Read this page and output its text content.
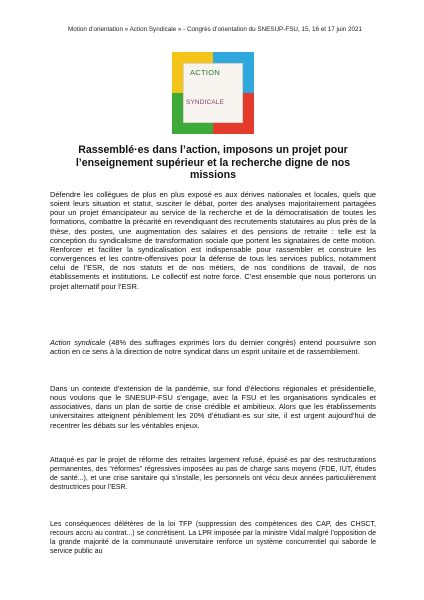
Motion d’orientation « Action Syndicale » - Congrès d’orientation du SNESUP-FSU, 15, 16 et 17 juin 2021
ACTION
SYNDICALE
Rassemblé·es dans l’action, imposons un projet pour l’enseignement supérieur et la recherche digne de nos missions

Défendre les collègues de plus en plus exposé·es aux dérives nationales et locales, quels que soient leurs situation et statut, susciter le débat, porter des analyses majoritairement partagées pour un projet émancipateur au service de la recherche et de la démocratisation de toutes les formations, combattre la précarité en revendiquant des recrutements statutaires au plus près de la thèse, des postes, une augmentation des salaires et des pensions de retraite : telle est la conception du syndicalisme de transformation sociale que portent les signataires de cette motion. Renforcer et faciliter la syndicalisation est indispensable pour rassembler et construire les convergences et les contre-offensives pour la défense de tous les services publics, notamment celui de l’ESR, de nos statuts et de nos métiers, de nos conditions de travail, de nos établissements et institutions. Le collectif est notre force. C’est ensemble que nous porterons un projet alternatif pour l’ESR.

Action syndicale (48% des suffrages exprimés lors du dernier congrès) entend poursuivre son action en ce sens à la direction de notre syndicat dans un esprit unitaire et de rassemblement.

Dans un contexte d’extension de la pandémie, sur fond d’élections régionales et présidentielle, nous voulons que le SNESUP-FSU s’engage, avec la FSU et les organisations syndicales et associatives, dans un plan de sortie de crise crédible et ambitieux. Alors que les établissements universitaires atteignent péniblement les 20% d’étudiant·es sur site, il est urgent aujourd’hui de recentrer les débats sur les véritables enjeux.

Attaqué·es par le projet de réforme des retraites largement refusé, épuisé·es par des restructurations permanentes, des “réformes” régressives imposées au pas de charge sans moyens (FDE, IUT, études de santé...), et une crise sanitaire qui s’installe, les personnels ont vécu deux années particulièrement destructrices pour l’ESR.

Les conséquences délétères de la loi TFP (suppression des compétences des CAP, des CHSCT, recours accru au contrat...) se concrétisent. La LPR imposée par la ministre Vidal malgré l’opposition de la grande majorité de la communauté universitaire renforce un système concurrentiel qui saborde le service public au
